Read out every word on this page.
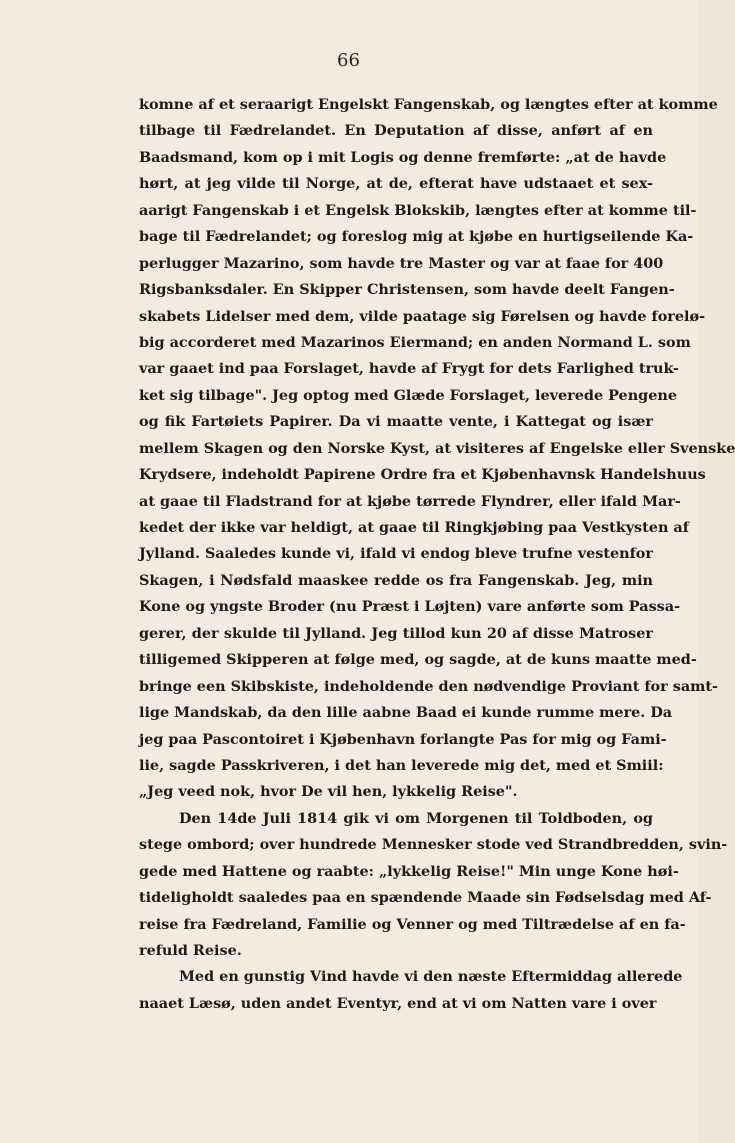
66
komne af et seraarigt Engelskt Fangenskab, og længtes efter at komme
tilbage til Fædrelandet. En Deputation af disse, anført af en
Baadsmand, kom op i mit Logis og denne fremførte: „at de havde
hørt, at jeg vilde til Norge, at de, efterat have udstaaet et sex-
aarigt Fangenskab i et Engelsk Blokskib, længtes efter at komme til-
bage til Fædrelandet; og foreslog mig at kjøbe en hurtigseilende Ka-
perlugger Mazarino, som havde tre Master og var at faae for 400
Rigsbanksdaler. En Skipper Christensen, som havde deelt Fangen-
skabets Lidelser med dem, vilde paatage sig Førelsen og havde forelø-
big accorderet med Mazarinos Eiermand; en anden Normand L. som
var gaaet ind paa Forslaget, havde af Frygt for dets Farlighed truk-
ket sig tilbage". Jeg optog med Glæde Forslaget, leverede Pengene
og fik Fartøiets Papirer. Da vi maatte vente, i Kattegat og især
mellem Skagen og den Norske Kyst, at visiteres af Engelske eller Svenske
Krydsere, indeholdt Papirene Ordre fra et Kjøbenhavnsk Handelshuus
at gaae til Fladstrand for at kjøbe tørrede Flyndrer, eller ifald Mar-
kedet der ikke var heldigt, at gaae til Ringkjøbing paa Vestkysten af
Jylland. Saaledes kunde vi, ifald vi endog bleve trufne vestenfor
Skagen, i Nødsfald maaskee redde os fra Fangenskab. Jeg, min
Kone og yngste Broder (nu Præst i Løjten) vare anførte som Passa-
gerer, der skulde til Jylland. Jeg tillod kun 20 af disse Matroser
tilligemed Skipperen at følge med, og sagde, at de kuns maatte med-
bringe een Skibskiste, indeholdende den nødvendige Proviant for samt-
lige Mandskab, da den lille aabne Baad ei kunde rumme mere. Da
jeg paa Pascontoiret i Kjøbenhavn forlangte Pas for mig og Fami-
lie, sagde Passkriveren, i det han leverede mig det, med et Smiil:
„Jeg veed nok, hvor De vil hen, lykkelig Reise".
Den 14de Juli 1814 gik vi om Morgenen til Toldboden, og
stege ombord; over hundrede Mennesker stode ved Strandbredden, svin-
gede med Hattene og raabte: „lykkelig Reise!" Min unge Kone høi-
tideligholdt saaledes paa en spændende Maade sin Fødselsdag med Af-
reise fra Fædreland, Familie og Venner og med Tiltrædelse af en fa-
refuld Reise.
Med en gunstig Vind havde vi den næste Eftermiddag allerede
naaet Læsø, uden andet Eventyr, end at vi om Natten vare i over
